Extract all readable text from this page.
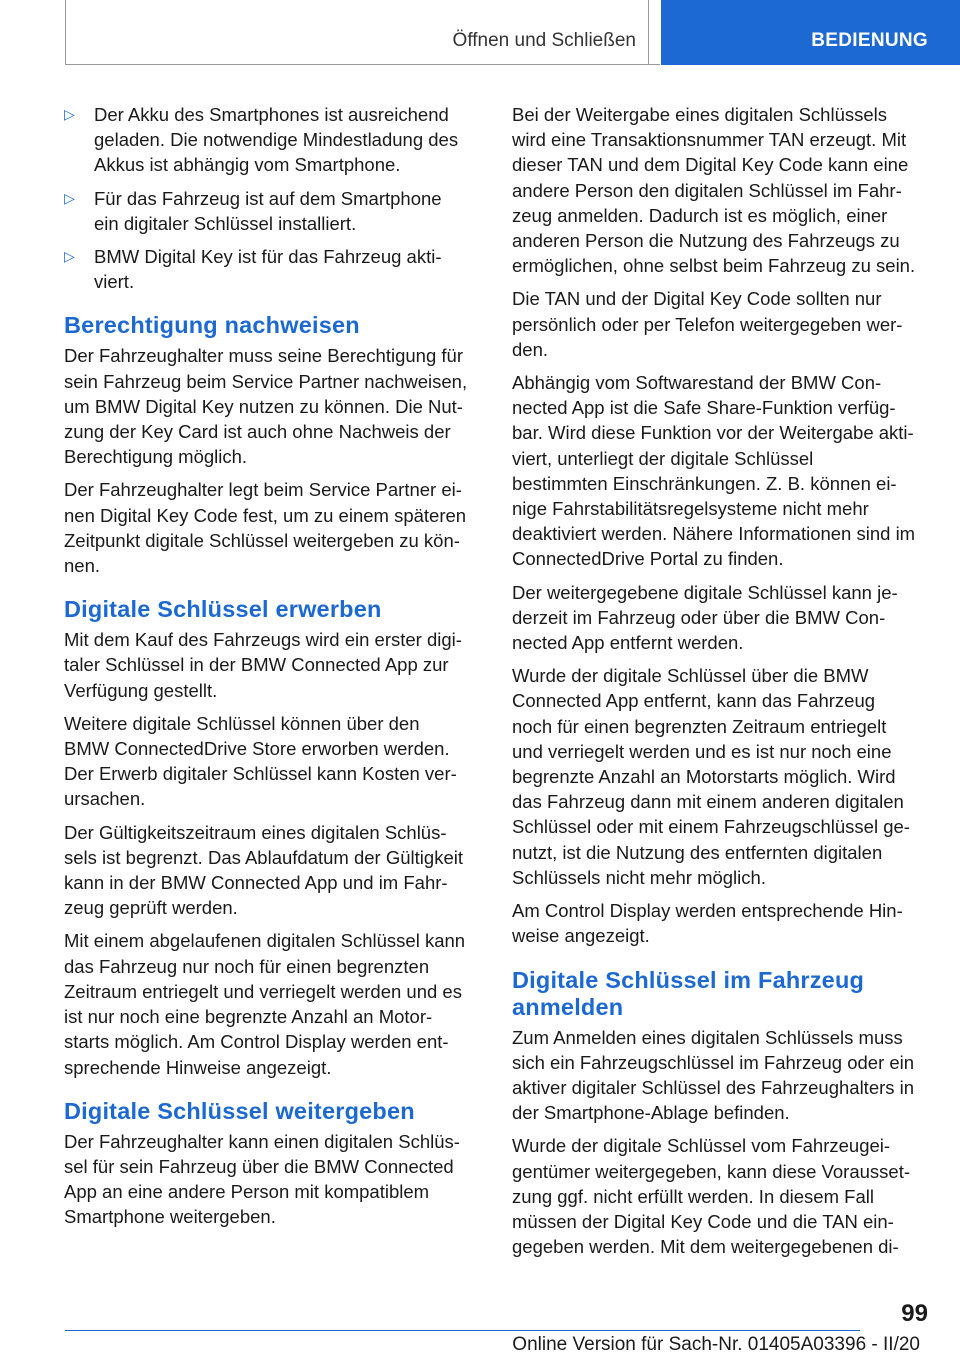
Öffnen und Schließen	BEDIENUNG
▷ Der Akku des Smartphones ist ausreichend
geladen. Die notwendige Mindestladung des
Akkus ist abhängig vom Smartphone.
▷ Für das Fahrzeug ist auf dem Smartphone
ein digitaler Schlüssel installiert.
▷ BMW Digital Key ist für das Fahrzeug akti‐
viert.
Berechtigung nachweisen
Der Fahrzeughalter muss seine Berechtigung für
sein Fahrzeug beim Service Partner nachweisen,
um BMW Digital Key nutzen zu können. Die Nut‐
zung der Key Card ist auch ohne Nachweis der
Berechtigung möglich.
Der Fahrzeughalter legt beim Service Partner ei‐
nen Digital Key Code fest, um zu einem späteren
Zeitpunkt digitale Schlüssel weitergeben zu kön‐
nen.
Digitale Schlüssel erwerben
Mit dem Kauf des Fahrzeugs wird ein erster digi‐
taler Schlüssel in der BMW Connected App zur
Verfügung gestellt.
Weitere digitale Schlüssel können über den
BMW ConnectedDrive Store erworben werden.
Der Erwerb digitaler Schlüssel kann Kosten ver‐
ursachen.
Der Gültigkeitszeitraum eines digitalen Schlüs‐
sels ist begrenzt. Das Ablaufdatum der Gültigkeit
kann in der BMW Connected App und im Fahr‐
zeug geprüft werden.
Mit einem abgelaufenen digitalen Schlüssel kann
das Fahrzeug nur noch für einen begrenzten
Zeitraum entriegelt und verriegelt werden und es
ist nur noch eine begrenzte Anzahl an Motor‐
starts möglich. Am Control Display werden ent‐
sprechende Hinweise angezeigt.
Digitale Schlüssel weitergeben
Der Fahrzeughalter kann einen digitalen Schlüs‐
sel für sein Fahrzeug über die BMW Connected
App an eine andere Person mit kompatiblem
Smartphone weitergeben.
Bei der Weitergabe eines digitalen Schlüssels
wird eine Transaktionsnummer TAN erzeugt. Mit
dieser TAN und dem Digital Key Code kann eine
andere Person den digitalen Schlüssel im Fahr‐
zeug anmelden. Dadurch ist es möglich, einer
anderen Person die Nutzung des Fahrzeugs zu
ermöglichen, ohne selbst beim Fahrzeug zu sein.
Die TAN und der Digital Key Code sollten nur
persönlich oder per Telefon weitergegeben wer‐
den.
Abhängig vom Softwarestand der BMW Con‐
nected App ist die Safe Share-Funktion verfüg‐
bar. Wird diese Funktion vor der Weitergabe akti‐
viert, unterliegt der digitale Schlüssel
bestimmten Einschränkungen. Z. B. können ei‐
nige Fahrstabilitätsregelsysteme nicht mehr
deaktiviert werden. Nähere Informationen sind im
ConnectedDrive Portal zu finden.
Der weitergegebene digitale Schlüssel kann je‐
derzeit im Fahrzeug oder über die BMW Con‐
nected App entfernt werden.
Wurde der digitale Schlüssel über die BMW
Connected App entfernt, kann das Fahrzeug
noch für einen begrenzten Zeitraum entriegelt
und verriegelt werden und es ist nur noch eine
begrenzte Anzahl an Motorstarts möglich. Wird
das Fahrzeug dann mit einem anderen digitalen
Schlüssel oder mit einem Fahrzeugschlüssel ge‐
nutzt, ist die Nutzung des entfernten digitalen
Schlüssels nicht mehr möglich.
Am Control Display werden entsprechende Hin‐
weise angezeigt.
Digitale Schlüssel im Fahrzeug
anmelden
Zum Anmelden eines digitalen Schlüssels muss
sich ein Fahrzeugschlüssel im Fahrzeug oder ein
aktiver digitaler Schlüssel des Fahrzeughalters in
der Smartphone-Ablage befinden.
Wurde der digitale Schlüssel vom Fahrzeugei‐
gentümer weitergegeben, kann diese Vorausset‐
zung ggf. nicht erfüllt werden. In diesem Fall
müssen der Digital Key Code und die TAN ein‐
gegeben werden. Mit dem weitergegebenen di‐
99
Online Version für Sach-Nr. 01405A03396 - II/20
